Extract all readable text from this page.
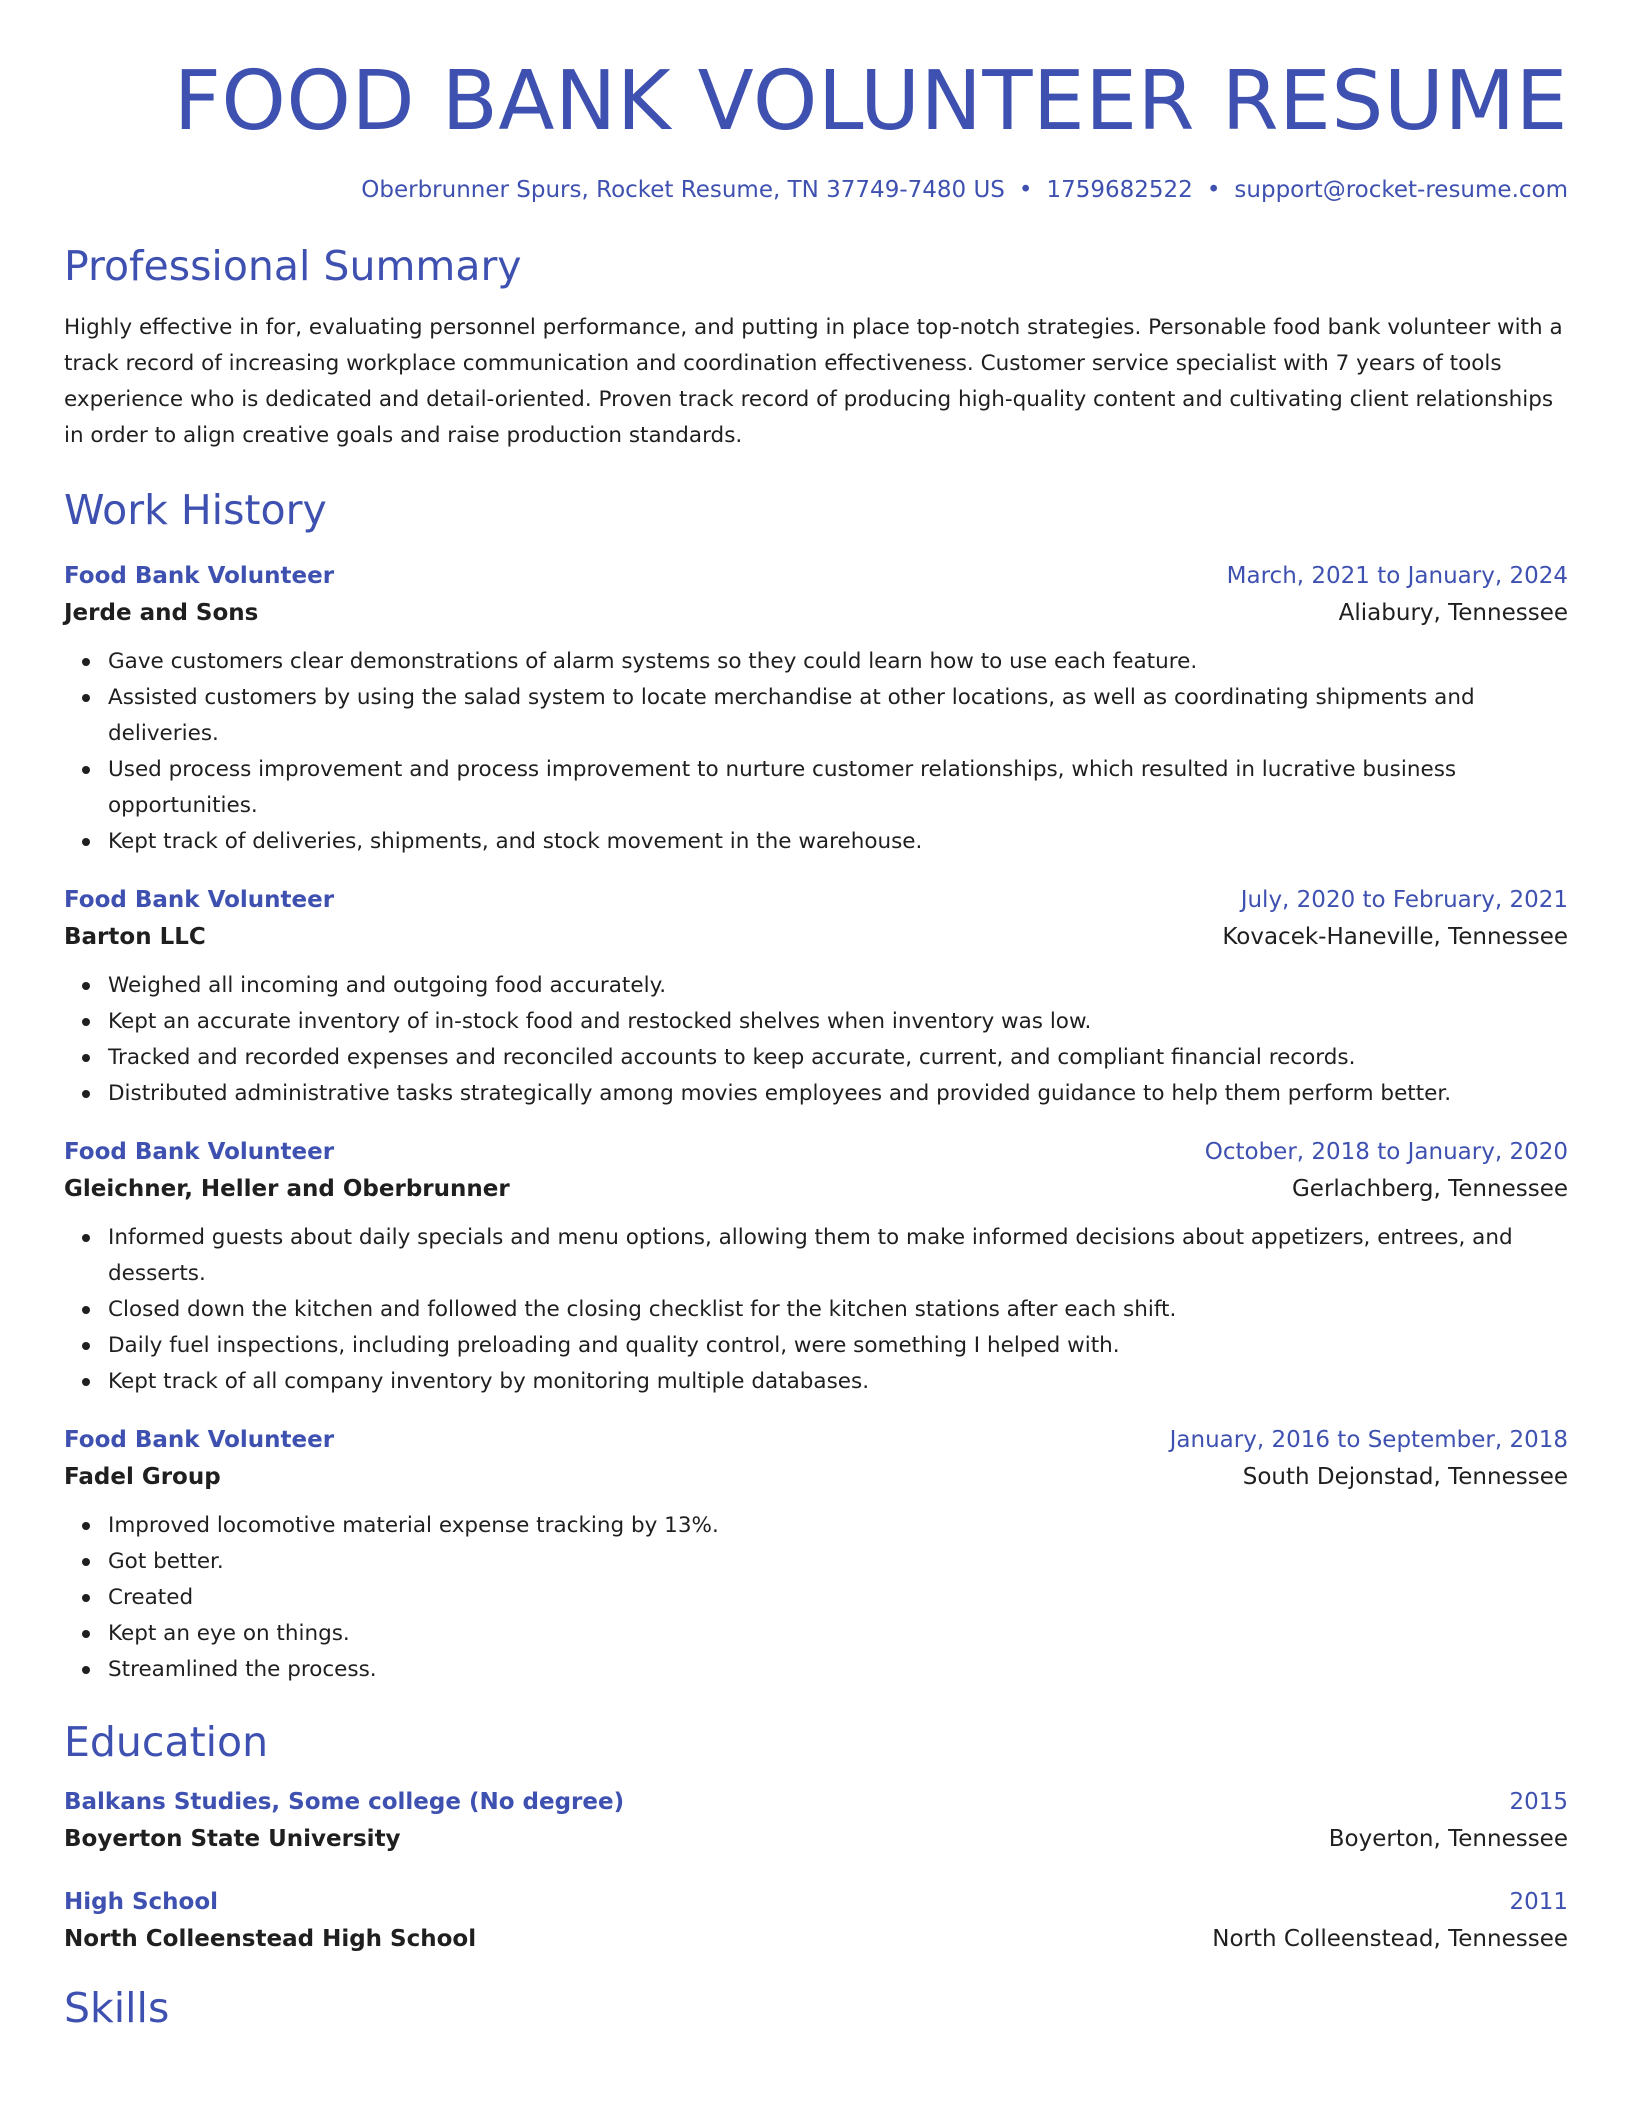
FOOD BANK VOLUNTEER RESUME
Oberbrunner Spurs, Rocket Resume, TN 37749-7480 US • 1759682522 • support@rocket-resume.com
Professional Summary

Highly effective in for, evaluating personnel performance, and putting in place top-notch strategies. Personable food bank volunteer with a track record of increasing workplace communication and coordination effectiveness. Customer service specialist with 7 years of tools experience who is dedicated and detail-oriented. Proven track record of producing high-quality content and cultivating client relationships in order to align creative goals and raise production standards.

Work History
Food Bank Volunteer	March, 2021 to January, 2024
Jerde and Sons	Aliabury, Tennessee
Gave customers clear demonstrations of alarm systems so they could learn how to use each feature.
Assisted customers by using the salad system to locate merchandise at other locations, as well as coordinating shipments and deliveries.
Used process improvement and process improvement to nurture customer relationships, which resulted in lucrative business opportunities.
Kept track of deliveries, shipments, and stock movement in the warehouse.
Food Bank Volunteer	July, 2020 to February, 2021
Barton LLC	Kovacek-Haneville, Tennessee
Weighed all incoming and outgoing food accurately.
Kept an accurate inventory of in-stock food and restocked shelves when inventory was low.
Tracked and recorded expenses and reconciled accounts to keep accurate, current, and compliant financial records.
Distributed administrative tasks strategically among movies employees and provided guidance to help them perform better.
Food Bank Volunteer	October, 2018 to January, 2020
Gleichner, Heller and Oberbrunner	Gerlachberg, Tennessee
Informed guests about daily specials and menu options, allowing them to make informed decisions about appetizers, entrees, and desserts.
Closed down the kitchen and followed the closing checklist for the kitchen stations after each shift.
Daily fuel inspections, including preloading and quality control, were something I helped with.
Kept track of all company inventory by monitoring multiple databases.
Food Bank Volunteer	January, 2016 to September, 2018
Fadel Group	South Dejonstad, Tennessee
Improved locomotive material expense tracking by 13%.
Got better.
Created
Kept an eye on things.
Streamlined the process.
Education
Balkans Studies, Some college (No degree)	2015
Boyerton State University	Boyerton, Tennessee
High School	2011
North Colleenstead High School	North Colleenstead, Tennessee
Skills
